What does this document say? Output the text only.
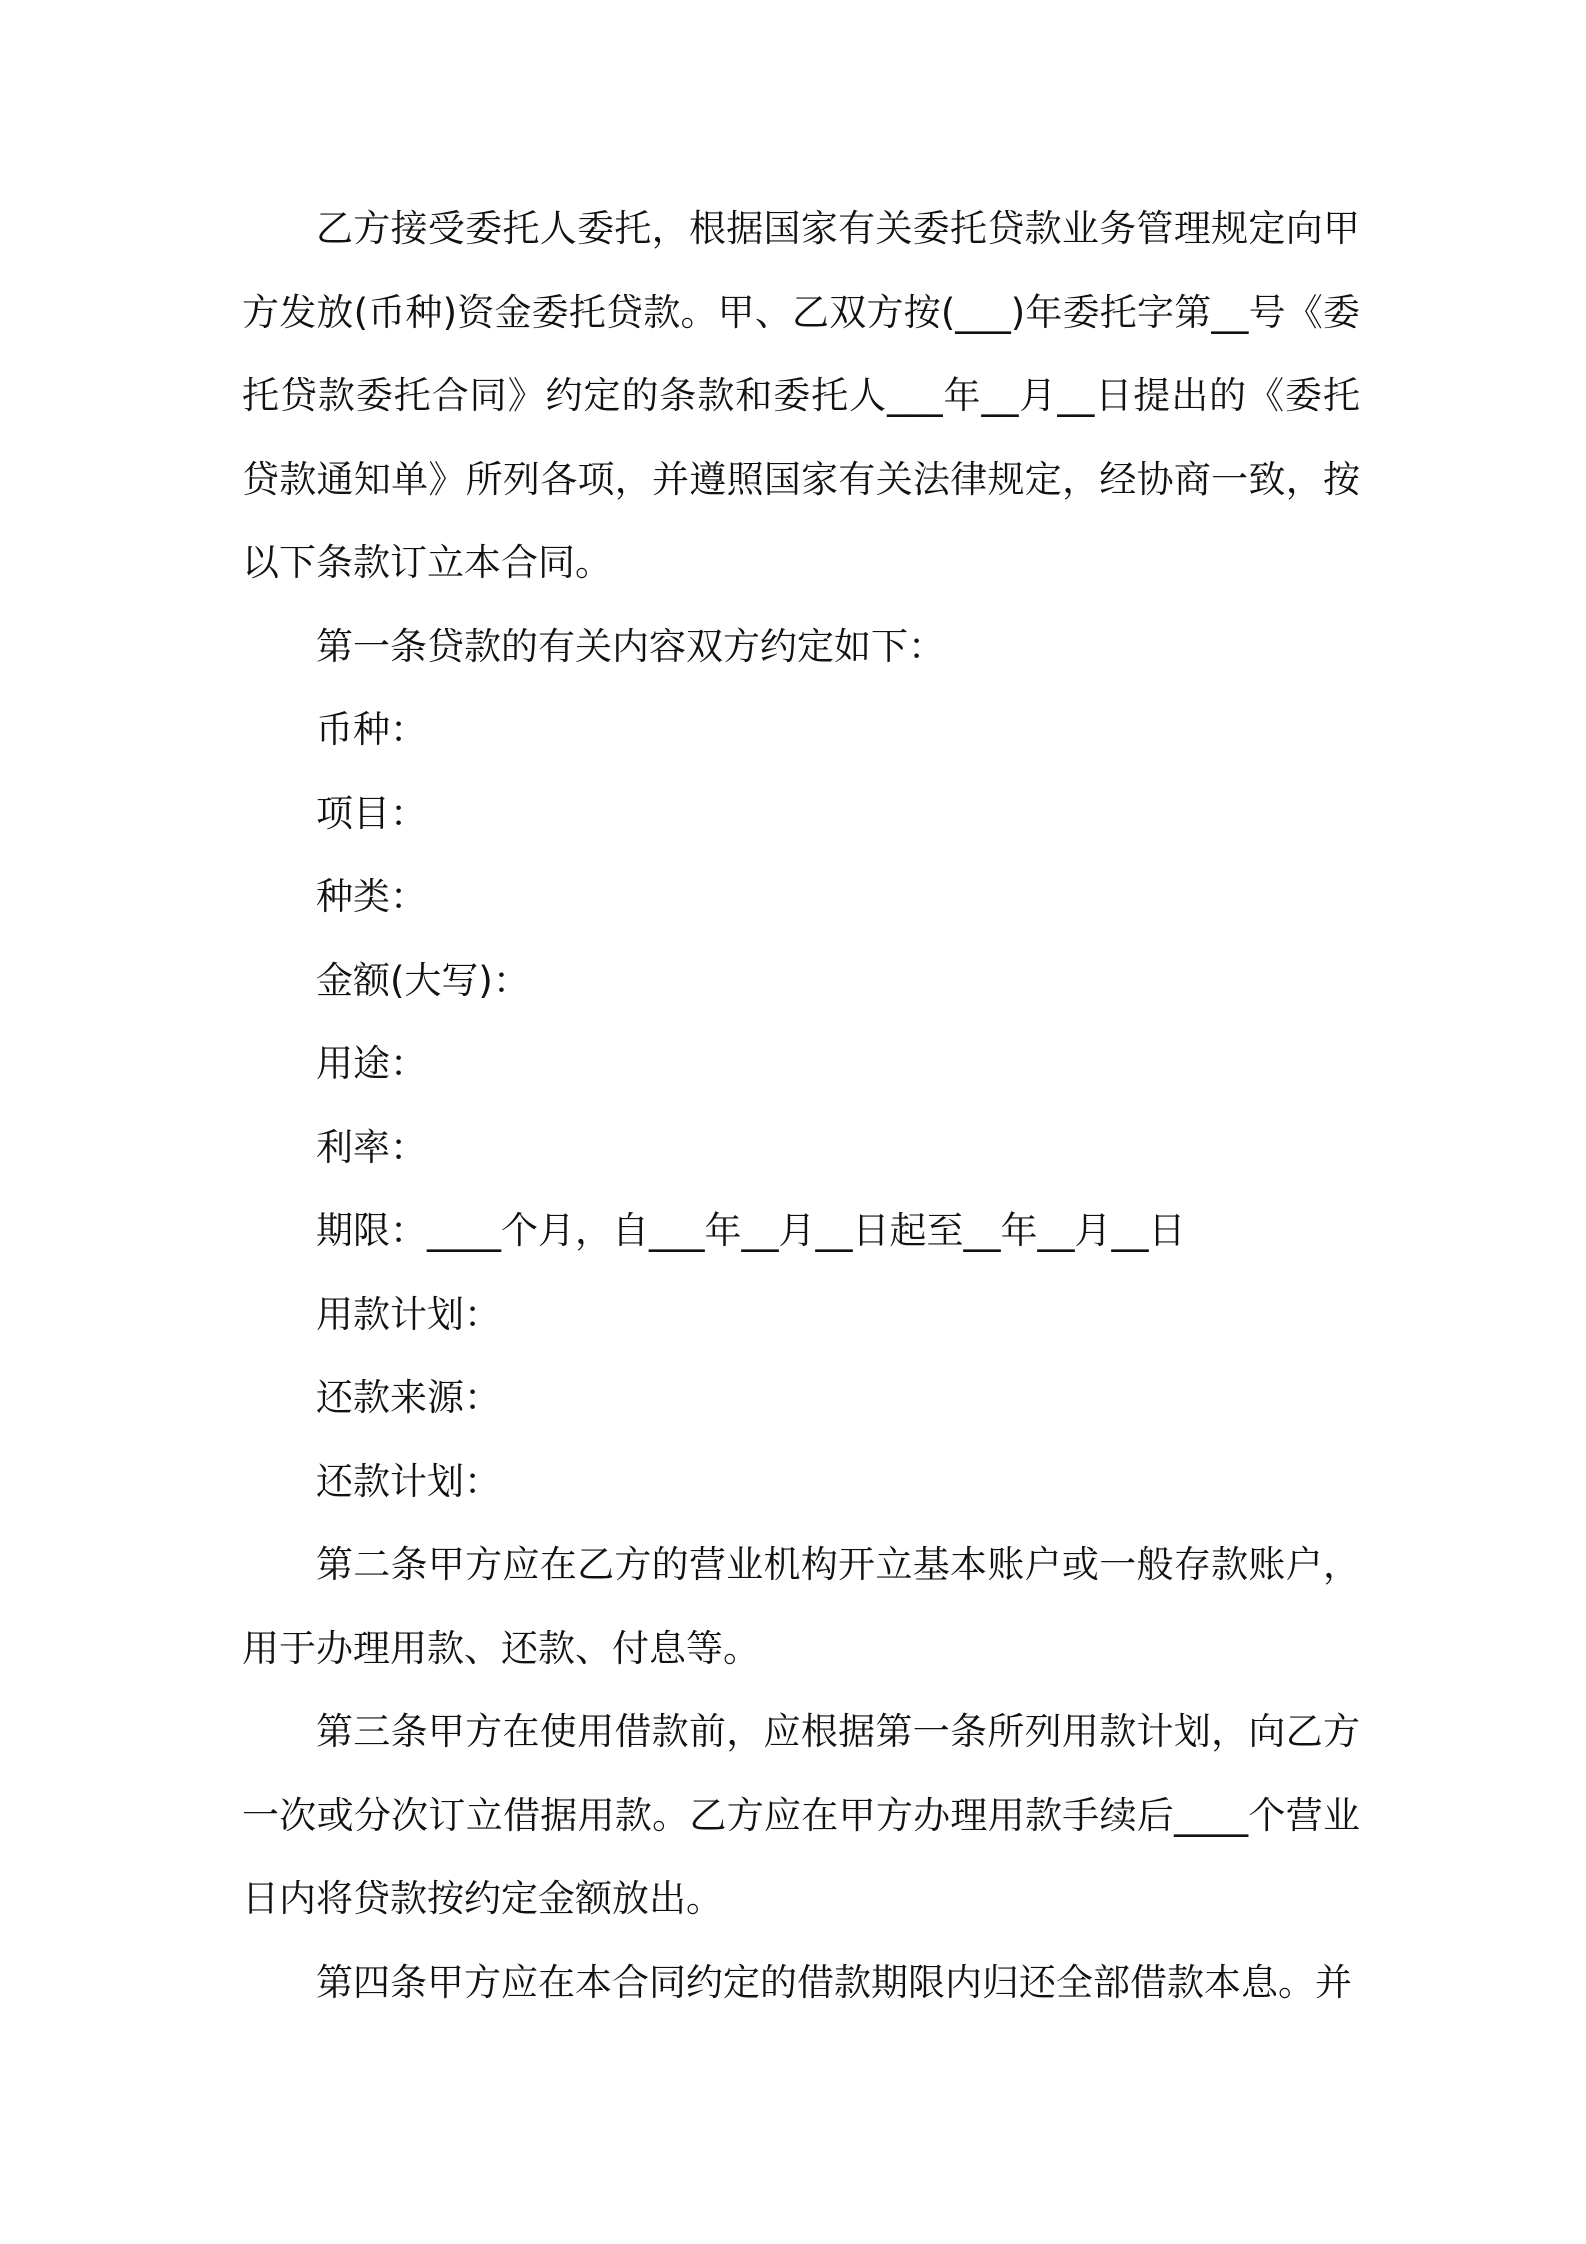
乙方接受委托人委托，根据国家有关委托贷款业务管理规定向甲方发放(币种)资金委托贷款。甲、乙双方按(___)年委托字第__号《委托贷款委托合同》约定的条款和委托人___年__月__日提出的《委托贷款通知单》所列各项，并遵照国家有关法律规定，经协商一致，按以下条款订立本合同。

第一条贷款的有关内容双方约定如下：

币种：

项目：

种类：

金额(大写)：

用途：

利率：

期限：____个月，自___年__月__日起至__年__月__日

用款计划：

还款来源：

还款计划：

第二条甲方应在乙方的营业机构开立基本账户或一般存款账户，用于办理用款、还款、付息等。

第三条甲方在使用借款前，应根据第一条所列用款计划，向乙方一次或分次订立借据用款。乙方应在甲方办理用款手续后____个营业日内将贷款按约定金额放出。

第四条甲方应在本合同约定的借款期限内归还全部借款本息。并
